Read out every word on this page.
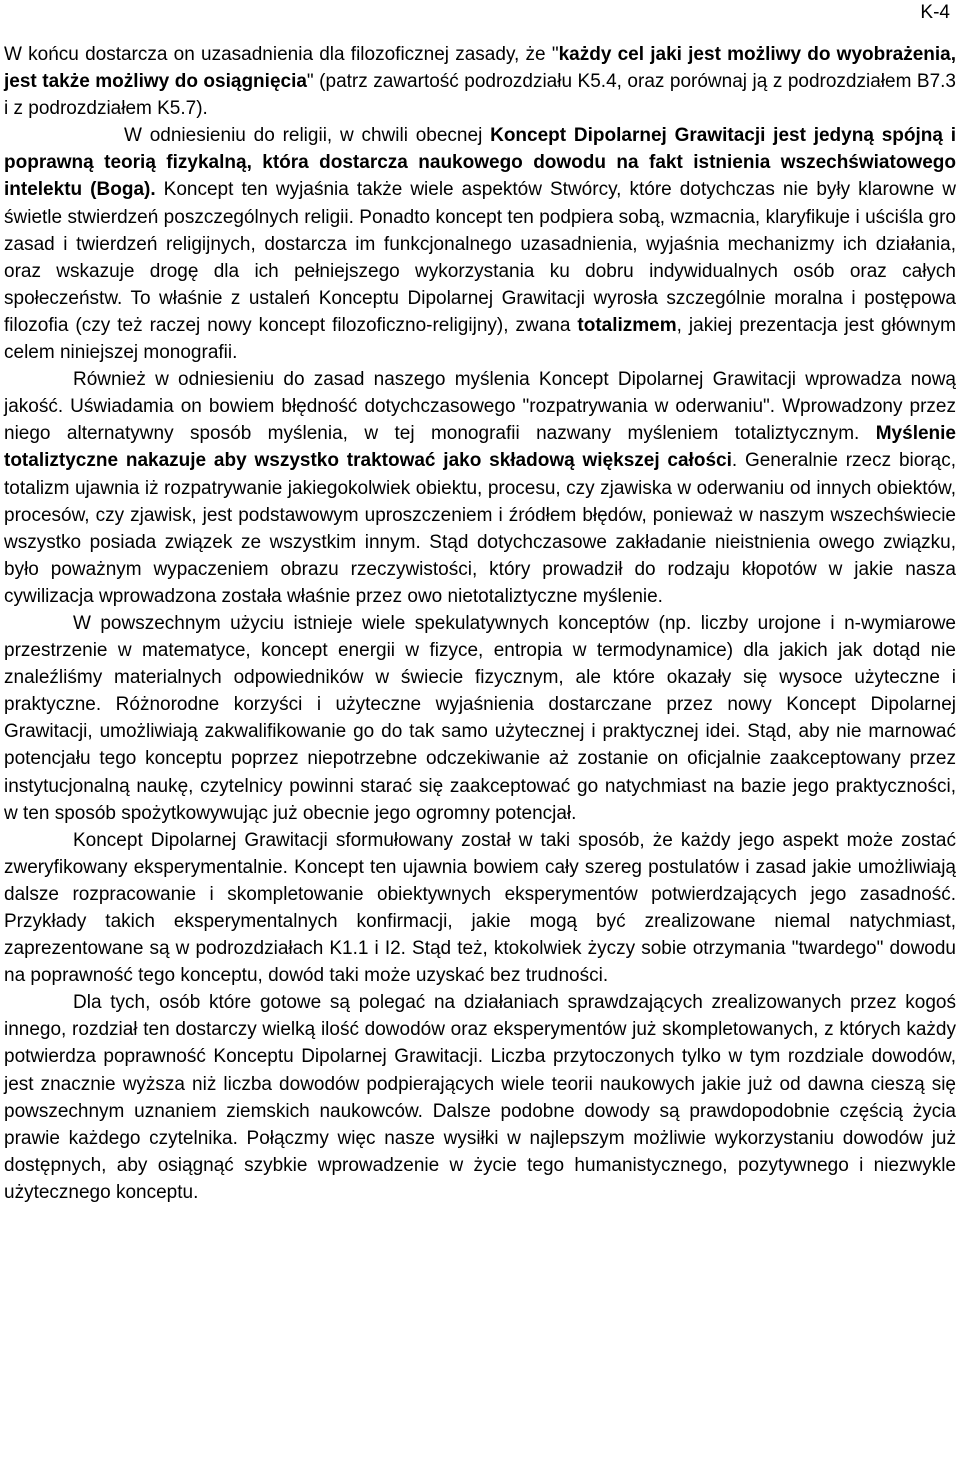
K-4

W końcu dostarcza on uzasadnienia dla filozoficznej zasady, że "każdy cel jaki jest możliwy do wyobrażenia, jest także możliwy do osiągnięcia" (patrz zawartość podrozdziału K5.4, oraz porównaj ją z podrozdziałem B7.3 i z podrozdziałem K5.7).

W odniesieniu do religii, w chwili obecnej Koncept Dipolarnej Grawitacji jest jedyną spójną i poprawną teorią fizykalną, która dostarcza naukowego dowodu na fakt istnienia wszechświatowego intelektu (Boga). Koncept ten wyjaśnia także wiele aspektów Stwórcy, które dotychczas nie były klarowne w świetle stwierdzeń poszczególnych religii. Ponadto koncept ten podpiera sobą, wzmacnia, klaryfikuje i uściśla gro zasad i twierdzeń religijnych, dostarcza im funkcjonalnego uzasadnienia, wyjaśnia mechanizmy ich działania, oraz wskazuje drogę dla ich pełniejszego wykorzystania ku dobru indywidualnych osób oraz całych społeczeństw. To właśnie z ustaleń Konceptu Dipolarnej Grawitacji wyrosła szczególnie moralna i postępowa filozofia (czy też raczej nowy koncept filozoficzno-religijny), zwana totalizmem, jakiej prezentacja jest głównym celem niniejszej monografii.

Również w odniesieniu do zasad naszego myślenia Koncept Dipolarnej Grawitacji wprowadza nową jakość. Uświadamia on bowiem błędność dotychczasowego "rozpatrywania w oderwaniu". Wprowadzony przez niego alternatywny sposób myślenia, w tej monografii nazwany myśleniem totaliztycznym. Myślenie totaliztyczne nakazuje aby wszystko traktować jako składową większej całości. Generalnie rzecz biorąc, totalizm ujawnia iż rozpatrywanie jakiegokolwiek obiektu, procesu, czy zjawiska w oderwaniu od innych obiektów, procesów, czy zjawisk, jest podstawowym uproszczeniem i źródłem błędów, ponieważ w naszym wszechświecie wszystko posiada związek ze wszystkim innym. Stąd dotychczasowe zakładanie nieistnienia owego związku, było poważnym wypaczeniem obrazu rzeczywistości, który prowadził do rodzaju kłopotów w jakie nasza cywilizacja wprowadzona została właśnie przez owo nietotaliztyczne myślenie.

W powszechnym użyciu istnieje wiele spekulatywnych konceptów (np. liczby urojone i n-wymiarowe przestrzenie w matematyce, koncept energii w fizyce, entropia w termodynamice) dla jakich jak dotąd nie znaleźliśmy materialnych odpowiedników w świecie fizycznym, ale które okazały się wysoce użyteczne i praktyczne. Różnorodne korzyści i użyteczne wyjaśnienia dostarczane przez nowy Koncept Dipolarnej Grawitacji, umożliwiają zakwalifikowanie go do tak samo użytecznej i praktycznej idei. Stąd, aby nie marnować potencjału tego konceptu poprzez niepotrzebne odczekiwanie aż zostanie on oficjalnie zaakceptowany przez instytucjonalną naukę, czytelnicy powinni starać się zaakceptować go natychmiast na bazie jego praktyczności, w ten sposób spożytkowywując już obecnie jego ogromny potencjał.

Koncept Dipolarnej Grawitacji sformułowany został w taki sposób, że każdy jego aspekt może zostać zweryfikowany eksperymentalnie. Koncept ten ujawnia bowiem cały szereg postulatów i zasad jakie umożliwiają dalsze rozpracowanie i skompletowanie obiektywnych eksperymentów potwierdzających jego zasadność. Przykłady takich eksperymentalnych konfirmacji, jakie mogą być zrealizowane niemal natychmiast, zaprezentowane są w podrozdziałach K1.1 i I2. Stąd też, ktokolwiek życzy sobie otrzymania "twardego" dowodu na poprawność tego konceptu, dowód taki może uzyskać bez trudności.

Dla tych, osób które gotowe są polegać na działaniach sprawdzających zrealizowanych przez kogoś innego, rozdział ten dostarczy wielką ilość dowodów oraz eksperymentów już skompletowanych, z których każdy potwierdza poprawność Konceptu Dipolarnej Grawitacji. Liczba przytoczonych tylko w tym rozdziale dowodów, jest znacznie wyższa niż liczba dowodów podpierających wiele teorii naukowych jakie już od dawna cieszą się powszechnym uznaniem ziemskich naukowców. Dalsze podobne dowody są prawdopodobnie częścią życia prawie każdego czytelnika. Połączmy więc nasze wysiłki w najlepszym możliwie wykorzystaniu dowodów już dostępnych, aby osiągnąć szybkie wprowadzenie w życie tego humanistycznego, pozytywnego i niezwykle użytecznego konceptu.
